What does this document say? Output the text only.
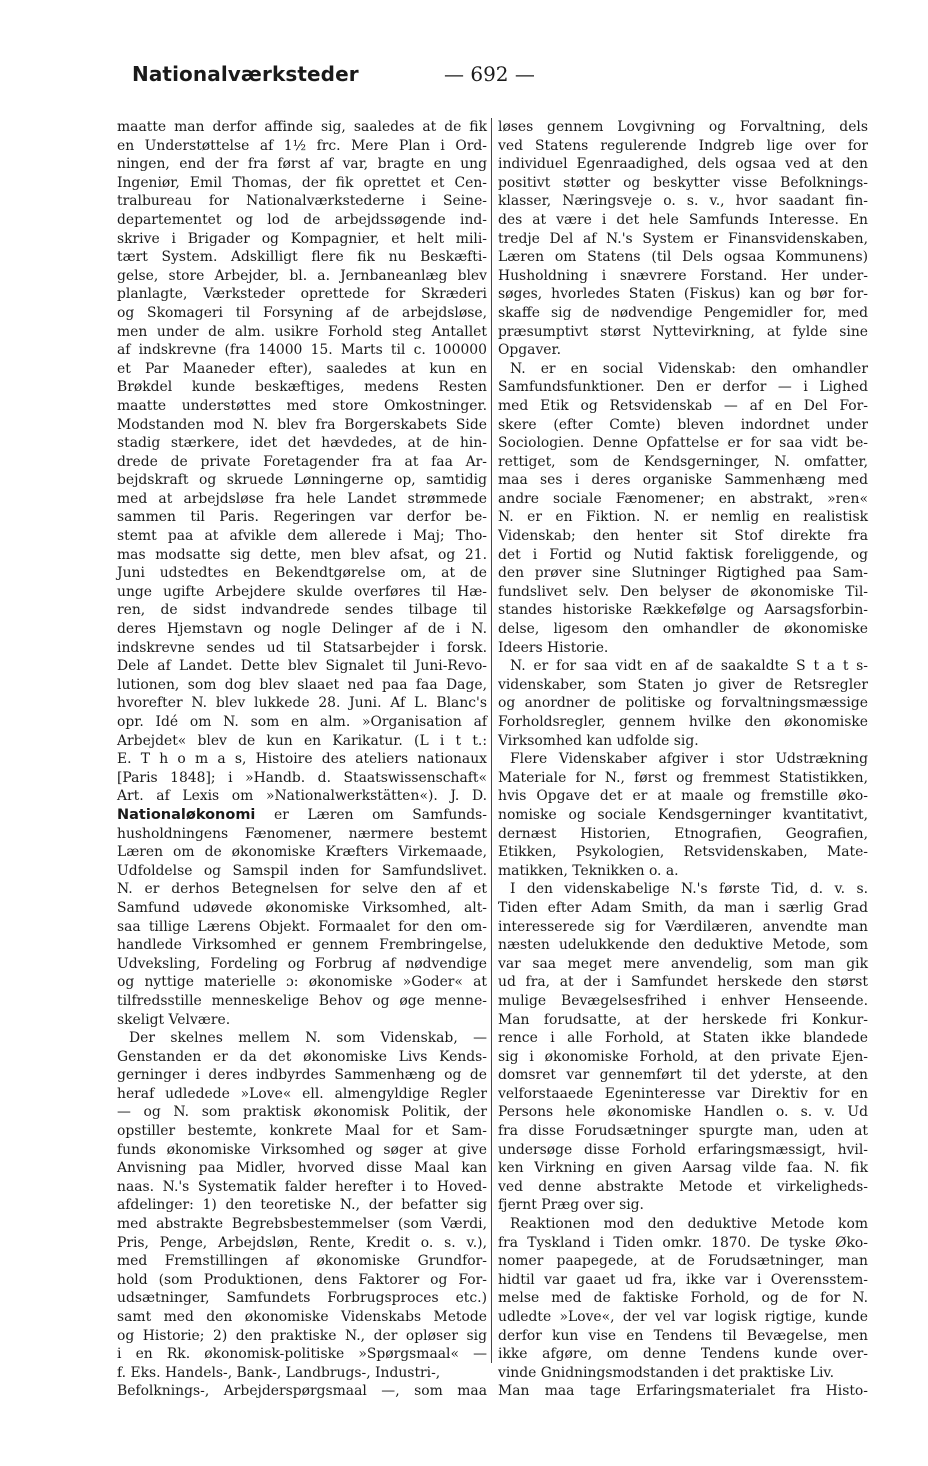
Nationalværksteder	— 692 —
maatte man derfor affinde sig, saaledes at de fik
en Understøttelse af 1½ frc. Mere Plan i Ord-
ningen, end der fra først af var, bragte en ung
Ingeniør, Emil Thomas, der fik oprettet et Cen-
tralbureau for Nationalværkstederne i Seine-
departementet og lod de arbejdssøgende ind-
skrive i Brigader og Kompagnier, et helt mili-
tært System. Adskilligt flere fik nu Beskæfti-
gelse, store Arbejder, bl. a. Jernbaneanlæg blev
planlagte, Værksteder oprettede for Skræderi
og Skomageri til Forsyning af de arbejdsløse,
men under de alm. usikre Forhold steg Antallet
af indskrevne (fra 14000 15. Marts til c. 100000
et Par Maaneder efter), saaledes at kun en
Brøkdel kunde beskæftiges, medens Resten
maatte understøttes med store Omkostninger.
Modstanden mod N. blev fra Borgerskabets Side
stadig stærkere, idet det hævdedes, at de hin-
drede de private Foretagender fra at faa Ar-
bejdskraft og skruede Lønningerne op, samtidig
med at arbejdsløse fra hele Landet strømmede
sammen til Paris. Regeringen var derfor be-
stemt paa at afvikle dem allerede i Maj; Tho-
mas modsatte sig dette, men blev afsat, og 21.
Juni udstedtes en Bekendtgørelse om, at de
unge ugifte Arbejdere skulde overføres til Hæ-
ren, de sidst indvandrede sendes tilbage til
deres Hjemstavn og nogle Delinger af de i N.
indskrevne sendes ud til Statsarbejder i forsk.
Dele af Landet. Dette blev Signalet til Juni-Revo-
lutionen, som dog blev slaaet ned paa faa Dage,
hvorefter N. blev lukkede 28. Juni. Af L. Blanc's
opr. Idé om N. som en alm. »Organisation af
Arbejdet« blev de kun en Karikatur. (L i t t.:
E. T h o m a s, Histoire des ateliers nationaux
[Paris 1848]; i »Handb. d. Staatswissenschaft«
Art. af Lexis om »Nationalwerkstätten«). J. D.
Nationaløkonomi er Læren om Samfunds-
husholdningens Fænomener, nærmere bestemt
Læren om de økonomiske Kræfters Virkemaade,
Udfoldelse og Samspil inden for Samfundslivet.
N. er derhos Betegnelsen for selve den af et
Samfund udøvede økonomiske Virksomhed, alt-
saa tillige Lærens Objekt. Formaalet for den om-
handlede Virksomhed er gennem Frembringelse,
Udveksling, Fordeling og Forbrug af nødvendige
og nyttige materielle ɔ: økonomiske »Goder« at
tilfredsstille menneskelige Behov og øge menne-
skeligt Velvære.
Der skelnes mellem N. som Videnskab, —
Genstanden er da det økonomiske Livs Kends-
gerninger i deres indbyrdes Sammenhæng og de
heraf udledede »Love« ell. almengyldige Regler
— og N. som praktisk økonomisk Politik, der
opstiller bestemte, konkrete Maal for et Sam-
funds økonomiske Virksomhed og søger at give
Anvisning paa Midler, hvorved disse Maal kan
naas. N.'s Systematik falder herefter i to Hoved-
afdelinger: 1) den teoretiske N., der befatter sig
med abstrakte Begrebsbestemmelser (som Værdi,
Pris, Penge, Arbejdsløn, Rente, Kredit o. s. v.),
med Fremstillingen af økonomiske Grundfor-
hold (som Produktionen, dens Faktorer og For-
udsætninger, Samfundets Forbrugsproces etc.)
samt med den økonomiske Videnskabs Metode
og Historie; 2) den praktiske N., der opløser sig
i en Rk. økonomisk-politiske »Spørgsmaal« —
f. Eks. Handels-, Bank-, Landbrugs-, Industri-,
Befolknings-, Arbejderspørgsmaal —, som maa
løses gennem Lovgivning og Forvaltning, dels
ved Statens regulerende Indgreb lige over for
individuel Egenraadighed, dels ogsaa ved at den
positivt støtter og beskytter visse Befolknings-
klasser, Næringsveje o. s. v., hvor saadant fin-
des at være i det hele Samfunds Interesse. En
tredje Del af N.'s System er Finansvidenskaben,
Læren om Statens (til Dels ogsaa Kommunens)
Husholdning i snævrere Forstand. Her under-
søges, hvorledes Staten (Fiskus) kan og bør for-
skaffe sig de nødvendige Pengemidler for, med
præsumptivt størst Nyttevirkning, at fylde sine
Opgaver.
N. er en social Videnskab: den omhandler
Samfundsfunktioner. Den er derfor — i Lighed
med Etik og Retsvidenskab — af en Del For-
skere (efter Comte) bleven indordnet under
Sociologien. Denne Opfattelse er for saa vidt be-
rettiget, som de Kendsgerninger, N. omfatter,
maa ses i deres organiske Sammenhæng med
andre sociale Fænomener; en abstrakt, »ren«
N. er en Fiktion. N. er nemlig en realistisk
Videnskab; den henter sit Stof direkte fra
det i Fortid og Nutid faktisk foreliggende, og
den prøver sine Slutninger Rigtighed paa Sam-
fundslivet selv. Den belyser de økonomiske Til-
standes historiske Rækkefølge og Aarsagsforbin-
delse, ligesom den omhandler de økonomiske
Ideers Historie.
N. er for saa vidt en af de saakaldte S t a t s-
videnskaber, som Staten jo giver de Retsregler
og anordner de politiske og forvaltningsmæssige
Forholdsregler, gennem hvilke den økonomiske
Virksomhed kan udfolde sig.
Flere Videnskaber afgiver i stor Udstrækning
Materiale for N., først og fremmest Statistikken,
hvis Opgave det er at maale og fremstille øko-
nomiske og sociale Kendsgerninger kvantitativt,
dernæst Historien, Etnografien, Geografien,
Etikken, Psykologien, Retsvidenskaben, Mate-
matikken, Teknikken o. a.
I den videnskabelige N.'s første Tid, d. v. s.
Tiden efter Adam Smith, da man i særlig Grad
interesserede sig for Værdilæren, anvendte man
næsten udelukkende den deduktive Metode, som
var saa meget mere anvendelig, som man gik
ud fra, at der i Samfundet herskede den størst
mulige Bevægelsesfrihed i enhver Henseende.
Man forudsatte, at der herskede fri Konkur-
rence i alle Forhold, at Staten ikke blandede
sig i økonomiske Forhold, at den private Ejen-
domsret var gennemført til det yderste, at den
velforstaaede Egeninteresse var Direktiv for en
Persons hele økonomiske Handlen o. s. v. Ud
fra disse Forudsætninger spurgte man, uden at
undersøge disse Forhold erfaringsmæssigt, hvil-
ken Virkning en given Aarsag vilde faa. N. fik
ved denne abstrakte Metode et virkeligheds-
fjernt Præg over sig.
Reaktionen mod den deduktive Metode kom
fra Tyskland i Tiden omkr. 1870. De tyske Øko-
nomer paapegede, at de Forudsætninger, man
hidtil var gaaet ud fra, ikke var i Overensstem-
melse med de faktiske Forhold, og de for N.
udledte »Love«, der vel var logisk rigtige, kunde
derfor kun vise en Tendens til Bevægelse, men
ikke afgøre, om denne Tendens kunde over-
vinde Gnidningsmodstanden i det praktiske Liv.
Man maa tage Erfaringsmaterialet fra Histo-
